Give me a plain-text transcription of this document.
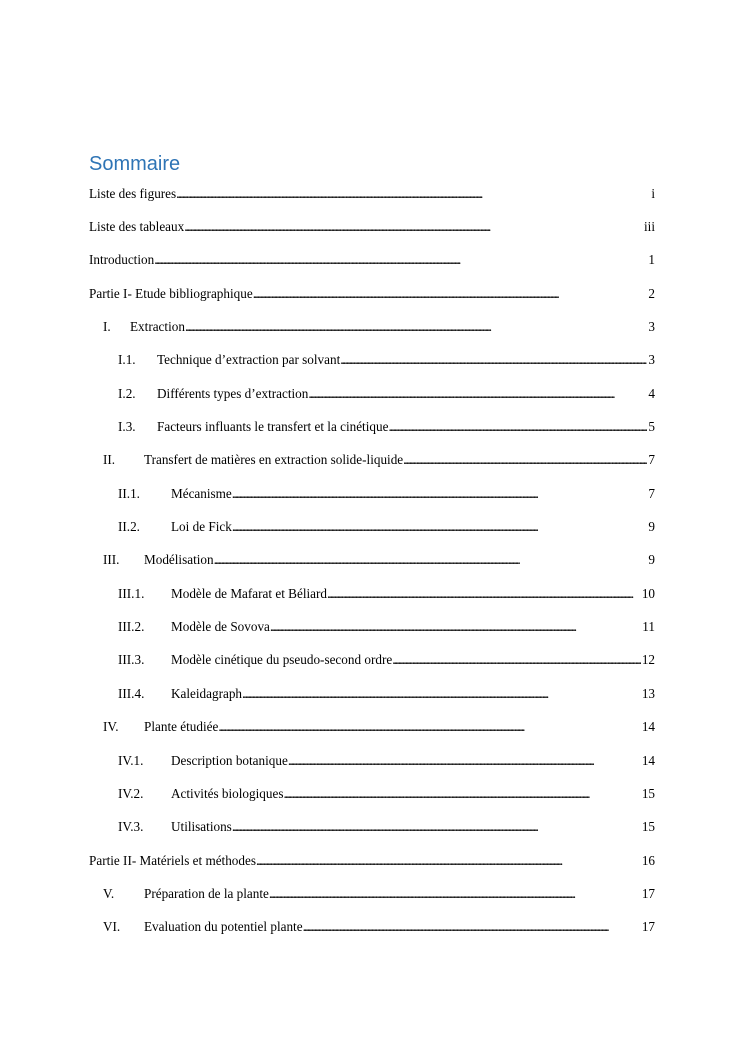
Sommaire
Liste des figures . . .	i
Liste des tableaux . . .	iii
Introduction . . .	1
Partie I- Etude bibliographique . . .	2
I.	Extraction . . .	3
I.1.	Technique d’extraction par solvant . . .	3
I.2.	Différents types d’extraction . . .	4
I.3.	Facteurs influants le transfert et la cinétique . . .	5
II.	Transfert de matières en extraction solide-liquide . . .	7
II.1.	Mécanisme . . .	7
II.2.	Loi de Fick . . .	9
III.	Modélisation . . .	9
III.1.	Modèle de Mafarat et Béliard . . .	10
III.2.	Modèle de Sovova . . .	11
III.3.	Modèle cinétique du pseudo-second ordre . . .	12
III.4.	Kaleidagraph . . .	13
IV.	Plante étudiée . . .	14
IV.1.	Description botanique . . .	14
IV.2.	Activités biologiques . . .	15
IV.3.	Utilisations . . .	15
Partie II- Matériels et méthodes . . .	16
V.	Préparation de la plante . . .	17
VI.	Evaluation du potentiel plante . . .	17
